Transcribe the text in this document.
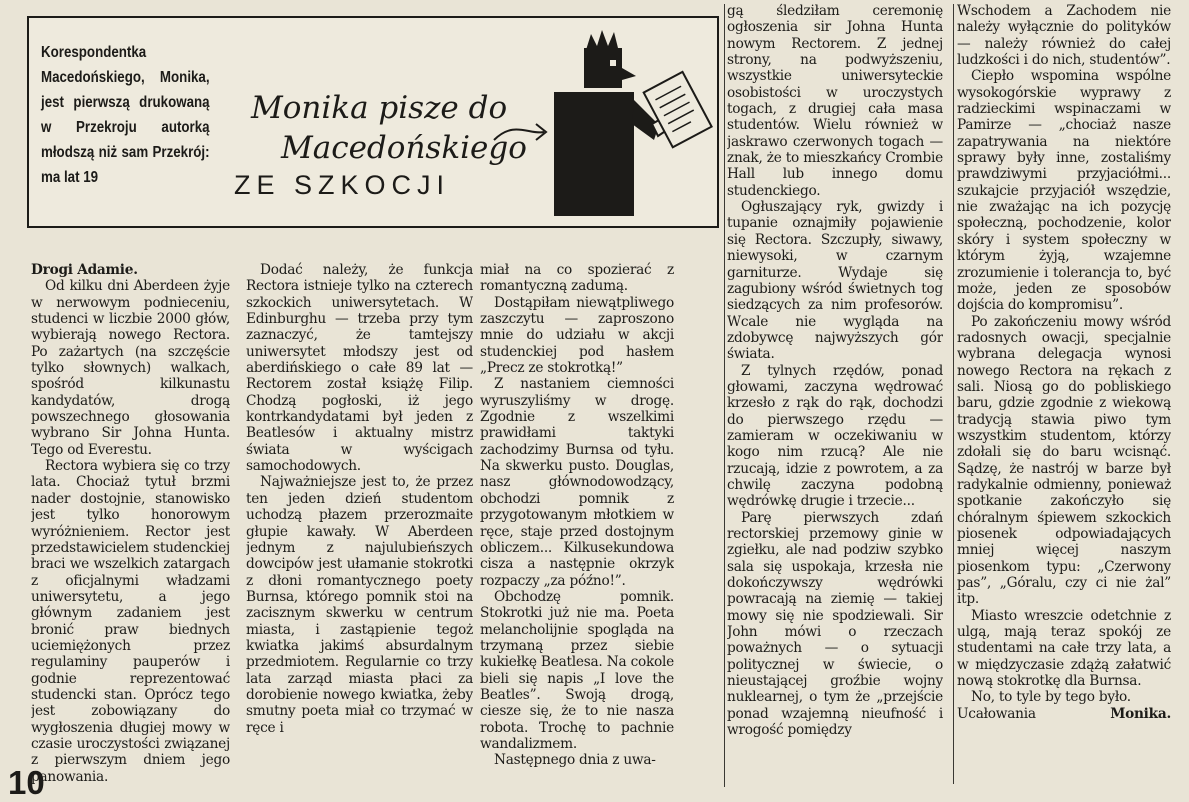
Korespondentka Macedońskiego, Monika, jest pierwszą drukowaną w Przekroju autorką młodszą niż sam Przekrój: ma lat 19
Monika pisze do
Macedońskiego
ZE SZKOCJI

Drogi Adamie.

Od kilku dni Aberdeen żyje w nerwowym podnieceniu, studenci w liczbie 2000 głów, wybierają nowego Rectora. Po zażartych (na szczęście tylko słownych) walkach, spośród kilkunastu kandydatów, drogą powszechnego głosowania wybrano Sir Johna Hunta. Tego od Everestu.

Rectora wybiera się co trzy lata. Chociaż tytuł brzmi nader dostojnie, stanowisko jest tylko honorowym wyróżnieniem. Rector jest przedstawicielem studenckiej braci we wszelkich zatargach z oficjalnymi władzami uniwersytetu, a jego głównym zadaniem jest bronić praw biednych uciemiężonych przez regulaminy pauperów i godnie reprezentować studencki stan. Oprócz tego jest zobowiązany do wygłoszenia długiej mowy w czasie uroczystości związanej z pierwszym dniem jego panowania.

Dodać należy, że funkcja Rectora istnieje tylko na czterech szkockich uniwersytetach. W Edinburghu — trzeba przy tym zaznaczyć, że tamtejszy uniwersytet młodszy jest od aberdińskiego o całe 89 lat — Rectorem został książę Filip. Chodzą pogłoski, iż jego kontrkandydatami był jeden z Beatlesów i aktualny mistrz świata w wyścigach samochodowych.

Najważniejsze jest to, że przez ten jeden dzień studentom uchodzą płazem przerozmaite głupie kawały. W Aberdeen jednym z najulubieńszych dowcipów jest ułamanie stokrotki z dłoni romantycznego poety Burnsa, którego pomnik stoi na zacisznym skwerku w centrum miasta, i zastąpienie tegoż kwiatka jakimś absurdalnym przedmiotem. Regularnie co trzy lata zarząd miasta płaci za dorobienie nowego kwiatka, żeby smutny poeta miał co trzymać w ręce i

miał na co spozierać z romantyczną zadumą.

Dostąpiłam niewątpliwego zaszczytu — zaproszono mnie do udziału w akcji studenckiej pod hasłem „Precz ze stokrotką!”

Z nastaniem ciemności wyruszyliśmy w drogę. Zgodnie z wszelkimi prawidłami taktyki zachodzimy Burnsa od tyłu. Na skwerku pusto. Douglas, nasz głównodowodzący, obchodzi pomnik z przygotowanym młotkiem w ręce, staje przed dostojnym obliczem... Kilkusekundowa cisza a następnie okrzyk rozpaczy „za późno!”.

Obchodzę pomnik. Stokrotki już nie ma. Poeta melancholijnie spogląda na trzymaną przez siebie kukiełkę Beatlesa. Na cokole bieli się napis „I love the Beatles”. Swoją drogą, ciesze się, że to nie nasza robota. Trochę to pachnie wandalizmem.

Następnego dnia z uwa-

gą śledziłam ceremonię ogłoszenia sir Johna Hunta nowym Rectorem. Z jednej strony, na podwyższeniu, wszystkie uniwersyteckie osobistości w uroczystych togach, z drugiej cała masa studentów. Wielu również w jaskrawo czerwonych togach — znak, że to mieszkańcy Crombie Hall lub innego domu studenckiego.

Ogłuszający ryk, gwizdy i tupanie oznajmiły pojawienie się Rectora. Szczupły, siwawy, niewysoki, w czarnym garniturze. Wydaje się zagubiony wśród świetnych tog siedzących za nim profesorów. Wcale nie wygląda na zdobywcę najwyższych gór świata.

Z tylnych rzędów, ponad głowami, zaczyna wędrować krzesło z rąk do rąk, dochodzi do pierwszego rzędu — zamieram w oczekiwaniu w kogo nim rzucą? Ale nie rzucają, idzie z powrotem, a za chwilę zaczyna podobną wędrówkę drugie i trzecie...

Parę pierwszych zdań rectorskiej przemowy ginie w zgiełku, ale nad podziw szybko sala się uspokaja, krzesła nie dokończywszy wędrówki powracają na ziemię — takiej mowy się nie spodziewali. Sir John mówi o rzeczach poważnych — o sytuacji politycznej w świecie, o nieustającej groźbie wojny nuklearnej, o tym że „przejście ponad wzajemną nieufność i wrogość pomiędzy

Wschodem a Zachodem nie należy wyłącznie do polityków — należy również do całej ludzkości i do nich, studentów”.

Ciepło wspomina wspólne wysokogórskie wyprawy z radzieckimi wspinaczami w Pamirze — „chociaż nasze zapatrywania na niektóre sprawy były inne, zostaliśmy prawdziwymi przyjaciółmi... szukajcie przyjaciół wszędzie, nie zważając na ich pozycję społeczną, pochodzenie, kolor skóry i system społeczny w którym żyją, wzajemne zrozumienie i tolerancja to, być może, jeden ze sposobów dojścia do kompromisu”.

Po zakończeniu mowy wśród radosnych owacji, specjalnie wybrana delegacja wynosi nowego Rectora na rękach z sali. Niosą go do pobliskiego baru, gdzie zgodnie z wiekową tradycją stawia piwo tym wszystkim studentom, którzy zdołali się do baru wcisnąć. Sądzę, że nastrój w barze był radykalnie odmienny, ponieważ spotkanie zakończyło się chóralnym śpiewem szkockich piosenek odpowiadających mniej więcej naszym piosenkom typu: „Czerwony pas”, „Góralu, czy ci nie żal” itp.

Miasto wreszcie odetchnie z ulgą, mają teraz spokój ze studentami na całe trzy lata, a w międzyczasie zdążą załatwić nową stokrotkę dla Burnsa.

No, to tyle by tego było.

Ucałowania	Monika.

10
